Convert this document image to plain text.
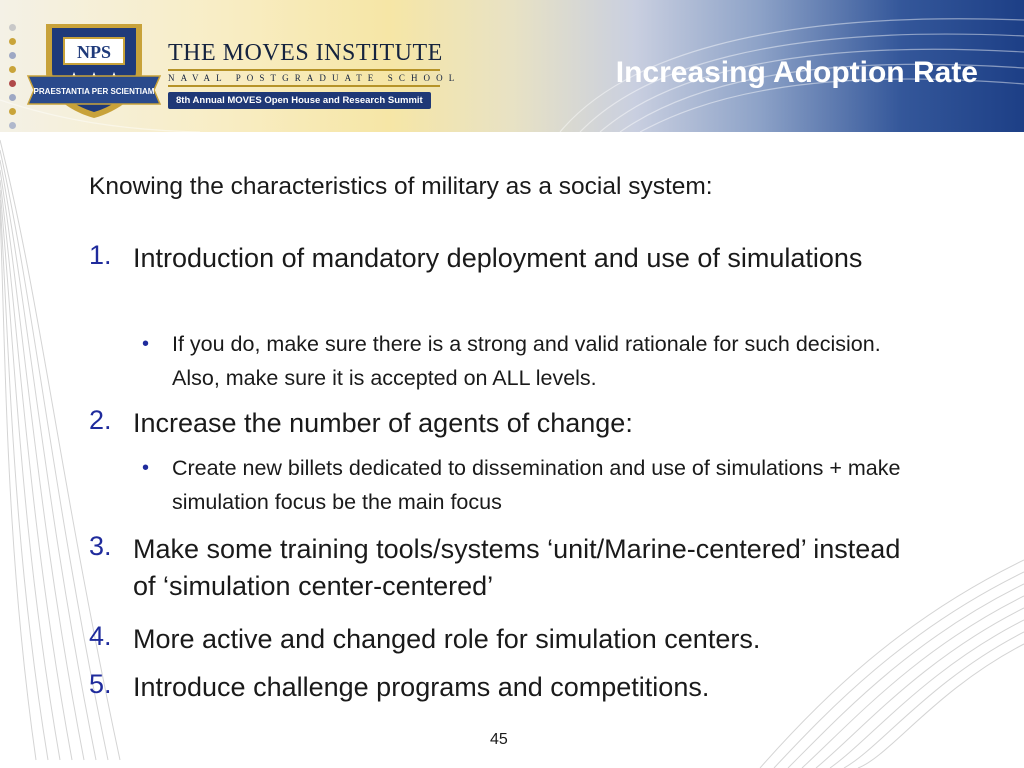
NPS
PRAESTANTIA PER SCIENTIAM
THE MOVES INSTITUTE
NAVAL POSTGRADUATE SCHOOL
8th Annual MOVES Open House and Research Summit
Increasing Adoption Rate
Knowing the characteristics of military as a social system:
1. Introduction of mandatory deployment and use of simulations
• If you do, make sure there is a strong and valid rationale for such decision. Also, make sure it is accepted on ALL levels.
2. Increase the number of agents of change:
• Create new billets dedicated to dissemination and use of simulations + make simulation focus be the main focus
3. Make some training tools/systems ‘unit/Marine-centered’ instead of ‘simulation center-centered’
4. More active and changed role for simulation centers.
5. Introduce challenge programs and competitions.
45
